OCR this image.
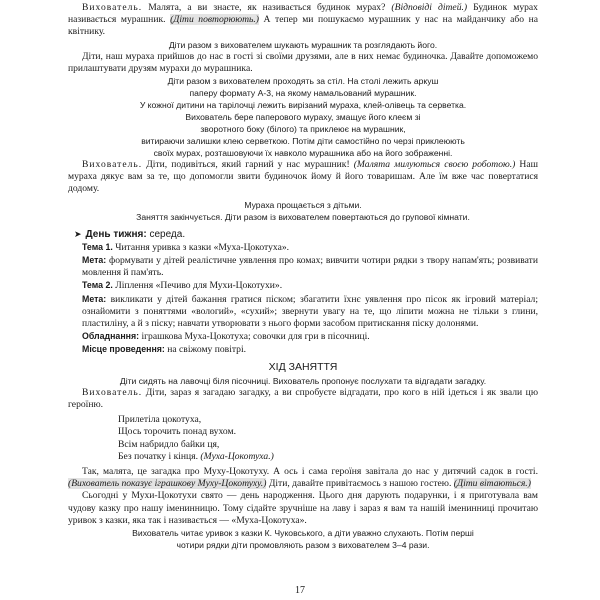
Вихователь. Малята, а ви знаєте, як називається будинок мурах? (Відповіді дітей.) Будинок мурах називається мурашник. (Діти повторюють.) А тепер ми пошукаємо мурашник у нас на майданчику або на квітнику.

Діти разом з вихователем шукають мурашник та розглядають його.

Діти, наш мураха прийшов до нас в гості зі своїми друзями, але в них немає будиночка. Давайте допоможемо прилаштувати друзям мурахи до мурашника.

Діти разом з вихователем проходять за стіл. На столі лежить аркуш

паперу формату А-3, на якому намальований мурашник.

У кожної дитини на тарілочці лежить вирізаний мураха, клей-олівець та серветка.

Вихователь бере паперового мураху, змащує його клеєм зі

зворотного боку (білого) та приклеює на мурашник,

витираючи залишки клею серветкою. Потім діти самостійно по черзі приклеюють

своїх мурах, розташовуючи їх навколо мурашника або на його зображенні.

Вихователь. Діти, подивіться, який гарний у нас мурашник! (Малята милуються своєю роботою.) Наш мураха дякує вам за те, що допомогли звити будиночок йому й його товаришам. Але їм вже час повертатися додому.

Мураха прощається з дітьми.

Заняття закінчується. Діти разом із вихователем повертаються до групової кімнати.

➤ День тижня: середа.

Тема 1. Читання уривка з казки «Муха-Цокотуха».

Мета: формувати у дітей реалістичне уявлення про комах; вивчити чотири рядки з твору напам'ять; розвивати мовлення й пам'ять.

Тема 2. Ліплення «Печиво для Мухи-Цокотухи».

Мета: викликати у дітей бажання гратися піском; збагатити їхнє уявлення про пісок як ігровий матеріал; ознайомити з поняттями «вологий», «сухий»; звернути увагу на те, що ліпити можна не тільки з глини, пластиліну, а й з піску; навчати утворювати з нього форми засобом притискання піску долонями.

Обладнання: іграшкова Муха-Цокотуха; совочки для гри в пісочниці.

Місце проведення: на свіжому повітрі.

ХІД ЗАНЯТТЯ

Діти сидять на лавочці біля пісочниці. Вихователь пропонує послухати та відгадати загадку.

Вихователь. Діти, зараз я загадаю загадку, а ви спробуєте відгадати, про кого в ній ідеться і як звали цю героїню.

Прилетіла цокотуха,

Щось торочить понад вухом.

Всім набридло байки ця,

Без початку і кінця. (Муха-Цокотуха.)

Так, малята, це загадка про Муху-Цокотуху. А ось і сама героїня завітала до нас у дитячий садок в гості. (Вихователь показує іграшкову Муху-Цокотуху.) Діти, давайте привітаємось з нашою гостею. (Діти вітаються.)

Сьогодні у Мухи-Цокотухи свято — день народження. Цього дня дарують подарунки, і я приготувала вам чудову казку про нашу іменинницю. Тому сідайте зручніше на лаву і зараз я вам та нашій іменинниці прочитаю уривок з казки, яка так і називається — «Муха-Цокотуха».

Вихователь читає уривок з казки К. Чуковського, а діти уважно слухають. Потім перші

чотири рядки діти промовляють разом з вихователем 3–4 рази.

17
